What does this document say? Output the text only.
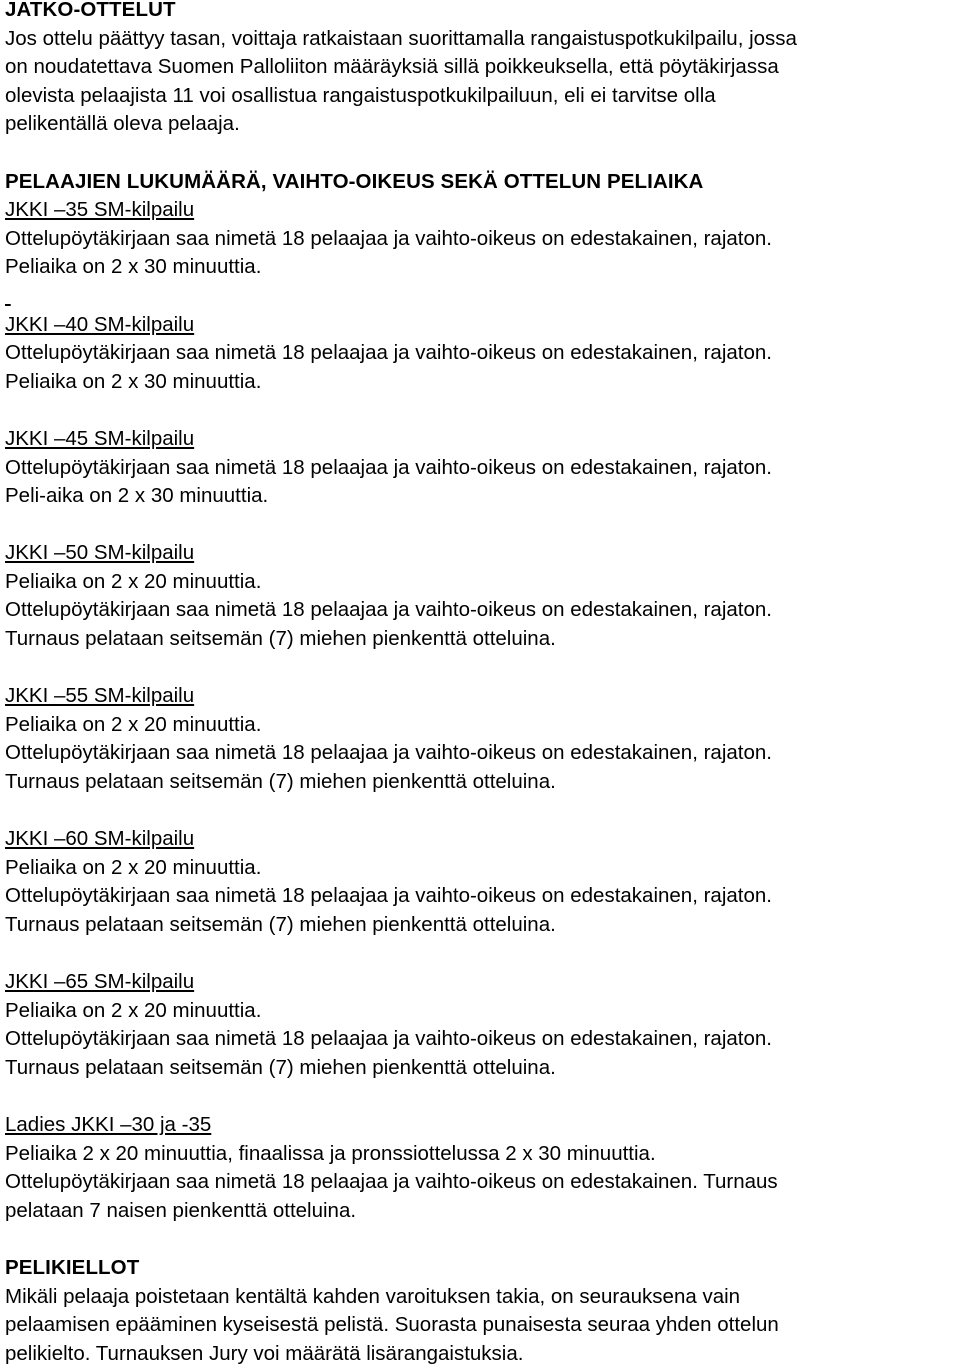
JATKO-OTTELUT
Jos ottelu päättyy tasan, voittaja ratkaistaan suorittamalla rangaistuspotkukilpailu, jossa
on noudatettava Suomen Palloliiton määräyksiä sillä poikkeuksella, että pöytäkirjassa
olevista pelaajista 11 voi osallistua rangaistuspotkukilpailuun, eli ei tarvitse olla
pelikentällä oleva pelaaja.
PELAAJIEN LUKUMÄÄRÄ, VAIHTO-OIKEUS SEKÄ OTTELUN PELIAIKA
JKKI –35 SM-kilpailu
Ottelupöytäkirjaan saa nimetä 18 pelaajaa ja vaihto-oikeus on edestakainen, rajaton.
Peliaika on 2 x 30 minuuttia.

JKKI –40 SM-kilpailu
Ottelupöytäkirjaan saa nimetä 18 pelaajaa ja vaihto-oikeus on edestakainen, rajaton.
Peliaika on 2 x 30 minuuttia.
JKKI –45 SM-kilpailu
Ottelupöytäkirjaan saa nimetä 18 pelaajaa ja vaihto-oikeus on edestakainen, rajaton.
Peli-aika on 2 x 30 minuuttia.
JKKI –50 SM-kilpailu
Peliaika on 2 x 20 minuuttia.
Ottelupöytäkirjaan saa nimetä 18 pelaajaa ja vaihto-oikeus on edestakainen, rajaton.
Turnaus pelataan seitsemän (7) miehen pienkenttä otteluina.
JKKI –55 SM-kilpailu
Peliaika on 2 x 20 minuuttia.
Ottelupöytäkirjaan saa nimetä 18 pelaajaa ja vaihto-oikeus on edestakainen, rajaton.
Turnaus pelataan seitsemän (7) miehen pienkenttä otteluina.
JKKI –60 SM-kilpailu
Peliaika on 2 x 20 minuuttia.
Ottelupöytäkirjaan saa nimetä 18 pelaajaa ja vaihto-oikeus on edestakainen, rajaton.
Turnaus pelataan seitsemän (7) miehen pienkenttä otteluina.
JKKI –65 SM-kilpailu
Peliaika on 2 x 20 minuuttia.
Ottelupöytäkirjaan saa nimetä 18 pelaajaa ja vaihto-oikeus on edestakainen, rajaton.
Turnaus pelataan seitsemän (7) miehen pienkenttä otteluina.
Ladies JKKI –30 ja -35
Peliaika 2 x 20 minuuttia, finaalissa ja pronssiottelussa 2 x 30 minuuttia.
Ottelupöytäkirjaan saa nimetä 18 pelaajaa ja vaihto-oikeus on edestakainen. Turnaus
pelataan 7 naisen pienkenttä otteluina.
PELIKIELLOT
Mikäli pelaaja poistetaan kentältä kahden varoituksen takia, on seurauksena vain
pelaamisen epääminen kyseisestä pelistä. Suorasta punaisesta seuraa yhden ottelun
pelikielto. Turnauksen Jury voi määrätä lisärangaistuksia.
